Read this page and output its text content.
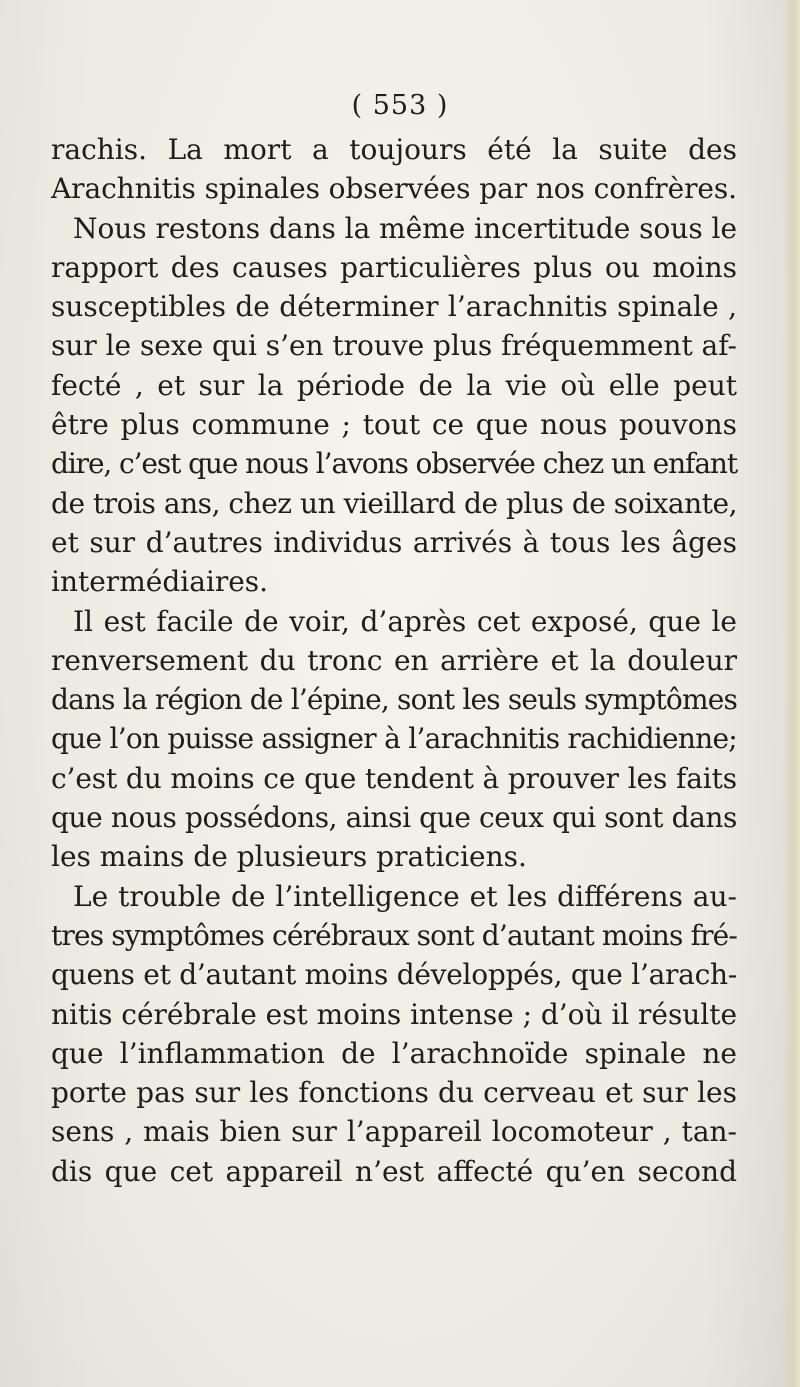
( 553 )
rachis. La mort a toujours été la suite des
Arachnitis spinales observées par nos confrères.
Nous restons dans la même incertitude sous le
rapport des causes particulières plus ou moins
susceptibles de déterminer l’arachnitis spinale ,
sur le sexe qui s’en trouve plus fréquemment af-
fecté , et sur la période de la vie où elle peut
être plus commune ; tout ce que nous pouvons
dire, c’est que nous l’avons observée chez un enfant
de trois ans, chez un vieillard de plus de soixante,
et sur d’autres individus arrivés à tous les âges
intermédiaires.
Il est facile de voir, d’après cet exposé, que le
renversement du tronc en arrière et la douleur
dans la région de l’épine, sont les seuls symptômes
que l’on puisse assigner à l’arachnitis rachidienne;
c’est du moins ce que tendent à prouver les faits
que nous possédons, ainsi que ceux qui sont dans
les mains de plusieurs praticiens.
Le trouble de l’intelligence et les différens au-
tres symptômes cérébraux sont d’autant moins fré-
quens et d’autant moins développés, que l’arach-
nitis cérébrale est moins intense ; d’où il résulte
que l’inflammation de l’arachnoïde spinale ne
porte pas sur les fonctions du cerveau et sur les
sens , mais bien sur l’appareil locomoteur , tan-
dis que cet appareil n’est affecté qu’en second
